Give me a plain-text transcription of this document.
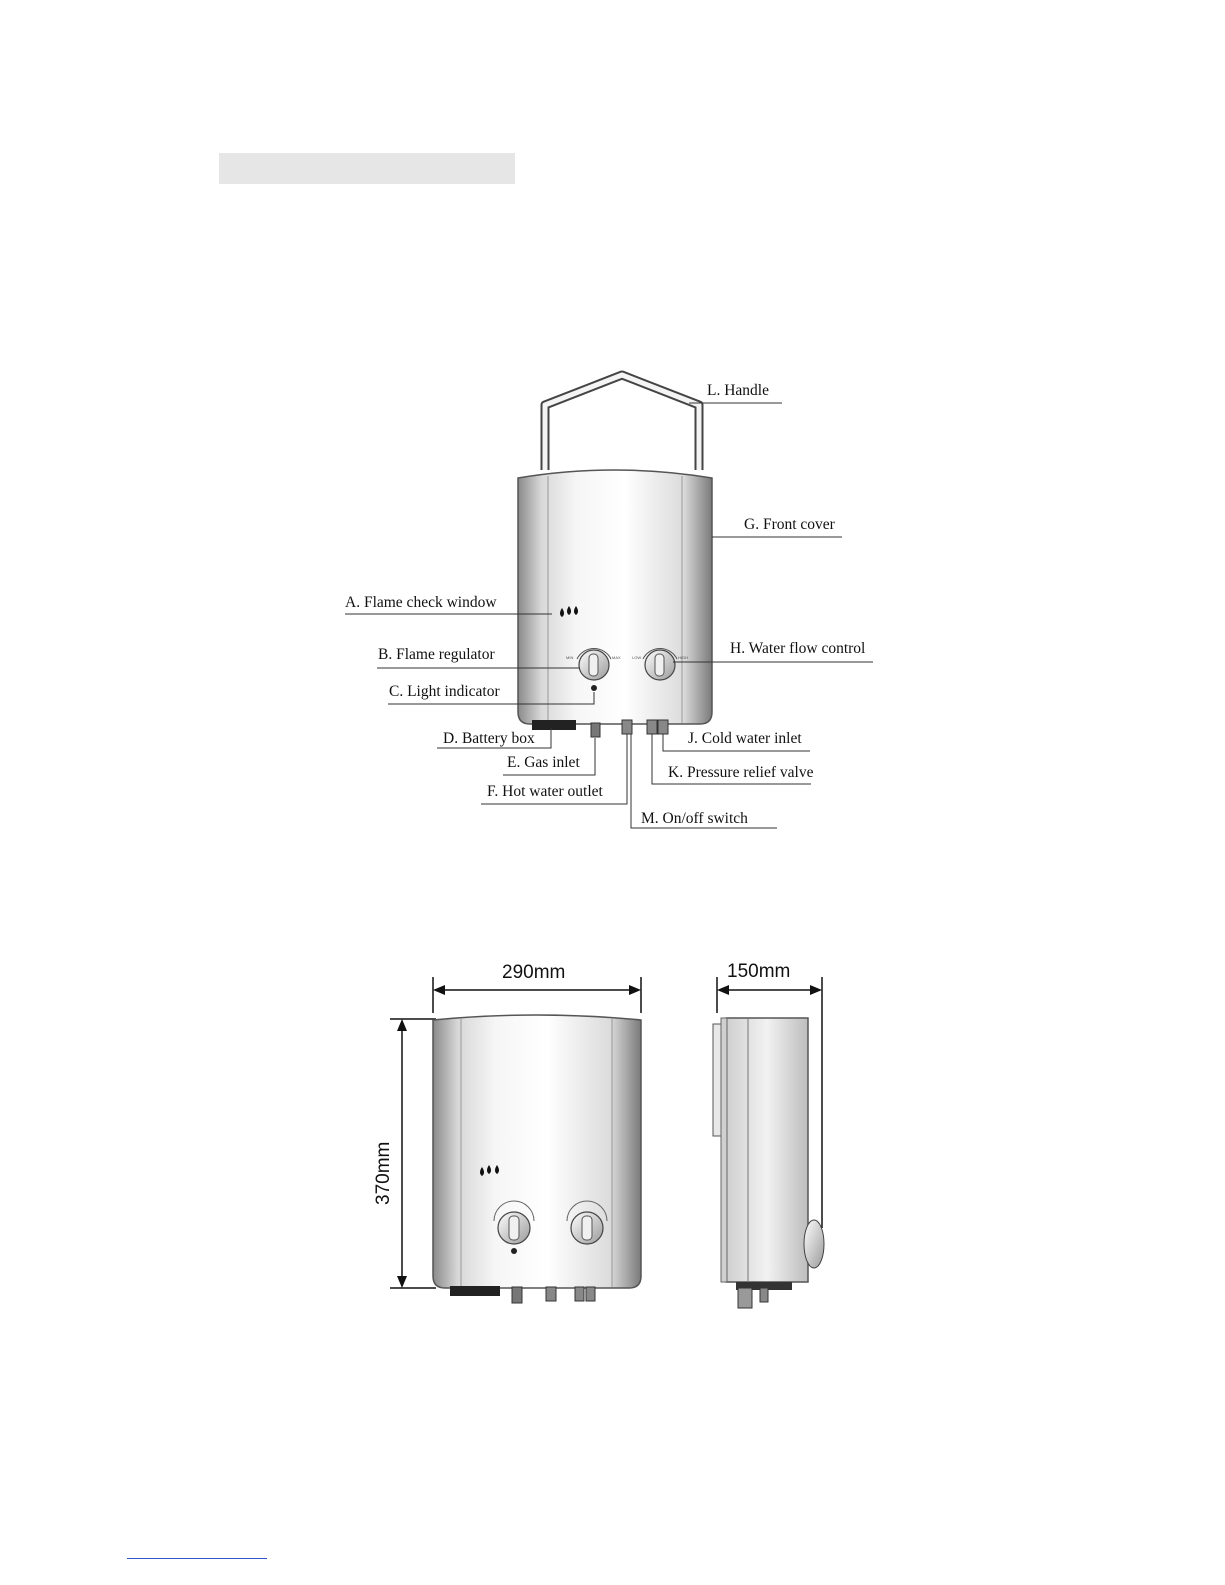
MIN	MAX	LOW	HIGH
L. Handle
G. Front cover
A. Flame check window
B. Flame regulator	H. Water flow control
C. Light indicator
D. Battery box	J. Cold water inlet
E. Gas inlet
K. Pressure relief valve
F. Hot water outlet
M. On/off switch
290mm	150mm
370mm
